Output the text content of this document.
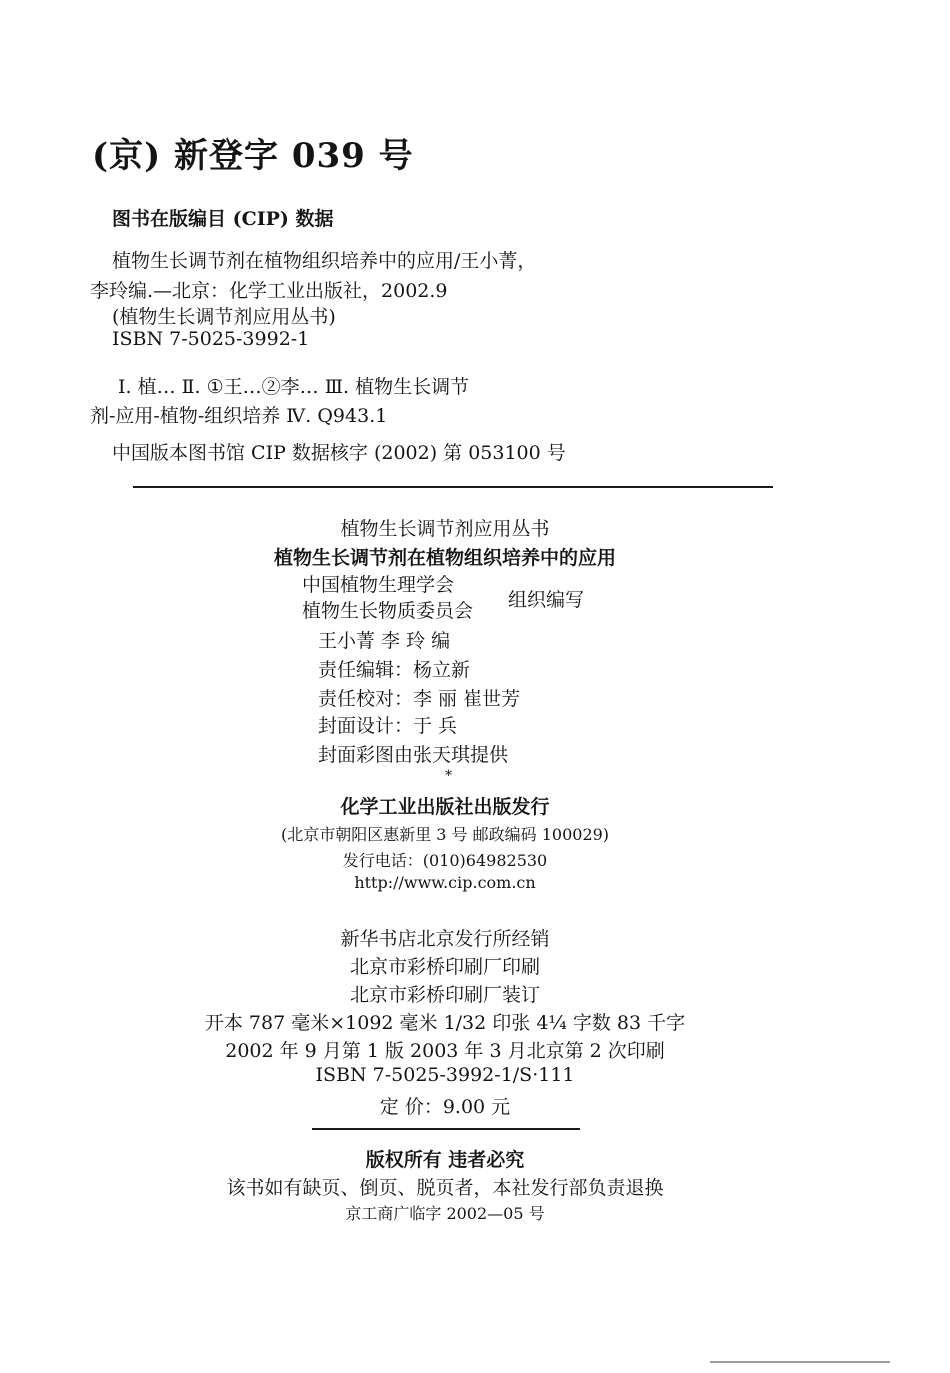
(京) 新登字 039 号
图书在版编目 (CIP) 数据
植物生长调节剂在植物组织培养中的应用/王小菁，
李玲编.—北京：化学工业出版社，2002.9
(植物生长调节剂应用丛书)
ISBN 7-5025-3992-1
Ⅰ. 植… Ⅱ. ①王…②李… Ⅲ. 植物生长调节
剂-应用-植物-组织培养 Ⅳ. Q943.1
中国版本图书馆 CIP 数据核字 (2002) 第 053100 号
植物生长调节剂应用丛书
植物生长调节剂在植物组织培养中的应用
中国植物生理学会
植物生长物质委员会 组织编写
王小菁 李 玲 编
责任编辑：杨立新
责任校对：李 丽 崔世芳
封面设计：于 兵
封面彩图由张天琪提供
*
化学工业出版社出版发行
(北京市朝阳区惠新里 3 号 邮政编码 100029)
发行电话：(010)64982530
http://www.cip.com.cn
新华书店北京发行所经销
北京市彩桥印刷厂印刷
北京市彩桥印刷厂装订
开本 787 毫米×1092 毫米 1/32 印张 4¼ 字数 83 千字
2002 年 9 月第 1 版 2003 年 3 月北京第 2 次印刷
ISBN 7-5025-3992-1/S·111
定 价：9.00 元
版权所有 违者必究
该书如有缺页、倒页、脱页者，本社发行部负责退换
京工商广临字 2002—05 号
